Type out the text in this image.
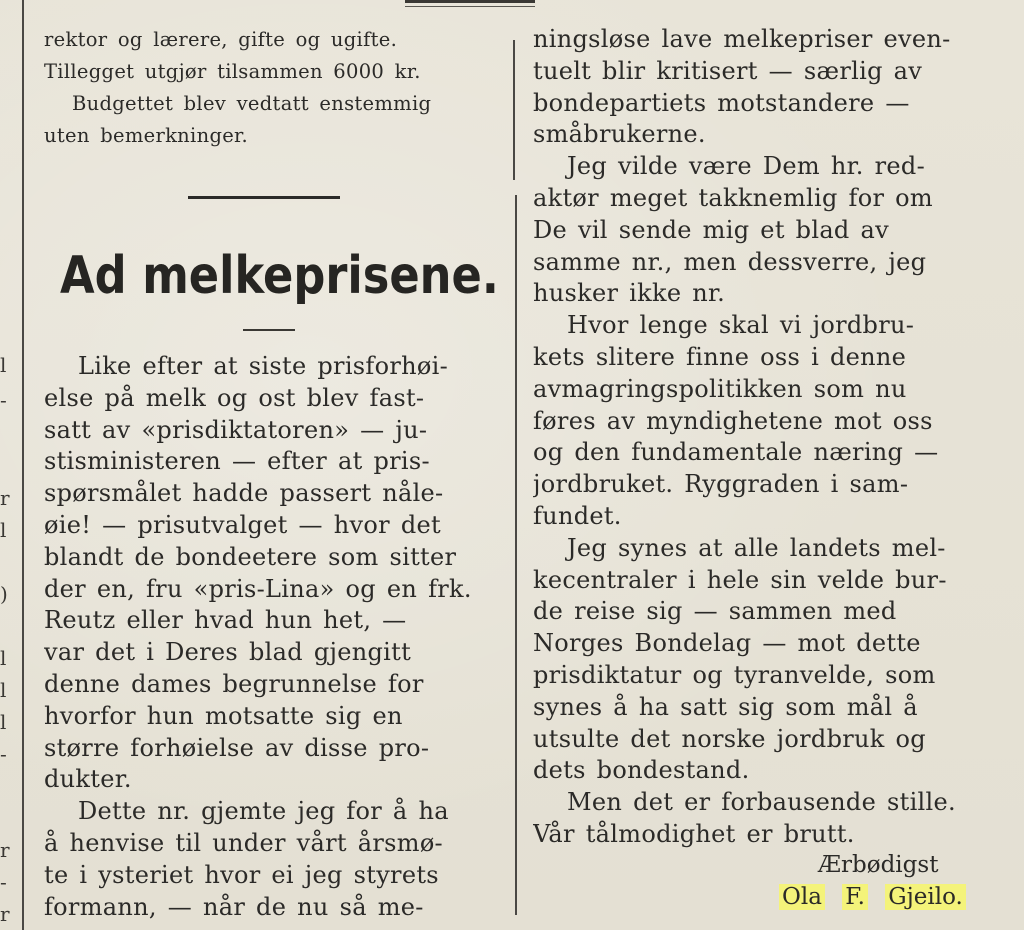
l
-
r
l
)
l
l
l
-
r
-
r
rektor og lærere, gifte og ugifte.
Tillegget utgjør tilsammen 6000 kr.
Budgettet blev vedtatt enstemmig
uten bemerkninger.
Ad melkeprisene.
Like efter at siste prisforhøi-
else på melk og ost blev fast-
satt av «prisdiktatoren» — ju-
stisministeren — efter at pris-
spørsmålet hadde passert nåle-
øie! — prisutvalget — hvor det
blandt de bondeetere som sitter
der en, fru «pris-Lina» og en frk.
Reutz eller hvad hun het, —
var det i Deres blad gjengitt
denne dames begrunnelse for
hvorfor hun motsatte sig en
større forhøielse av disse pro-
dukter.
Dette nr. gjemte jeg for å ha
å henvise til under vårt årsmø-
te i ysteriet hvor ei jeg styrets
formann, — når de nu så me-
ningsløse lave melkepriser even-
tuelt blir kritisert — særlig av
bondepartiets motstandere —
småbrukerne.
Jeg vilde være Dem hr. red-
aktør meget takknemlig for om
De vil sende mig et blad av
samme nr., men dessverre, jeg
husker ikke nr.
Hvor lenge skal vi jordbru-
kets slitere finne oss i denne
avmagringspolitikken som nu
føres av myndighetene mot oss
og den fundamentale næring —
jordbruket. Ryggraden i sam-
fundet.
Jeg synes at alle landets mel-
kecentraler i hele sin velde bur-
de reise sig — sammen med
Norges Bondelag — mot dette
prisdiktatur og tyranvelde, som
synes å ha satt sig som mål å
utsulte det norske jordbruk og
dets bondestand.
Men det er forbausende stille.
Vår tålmodighet er brutt.
Ærbødigst
Ola F. Gjeilo.
